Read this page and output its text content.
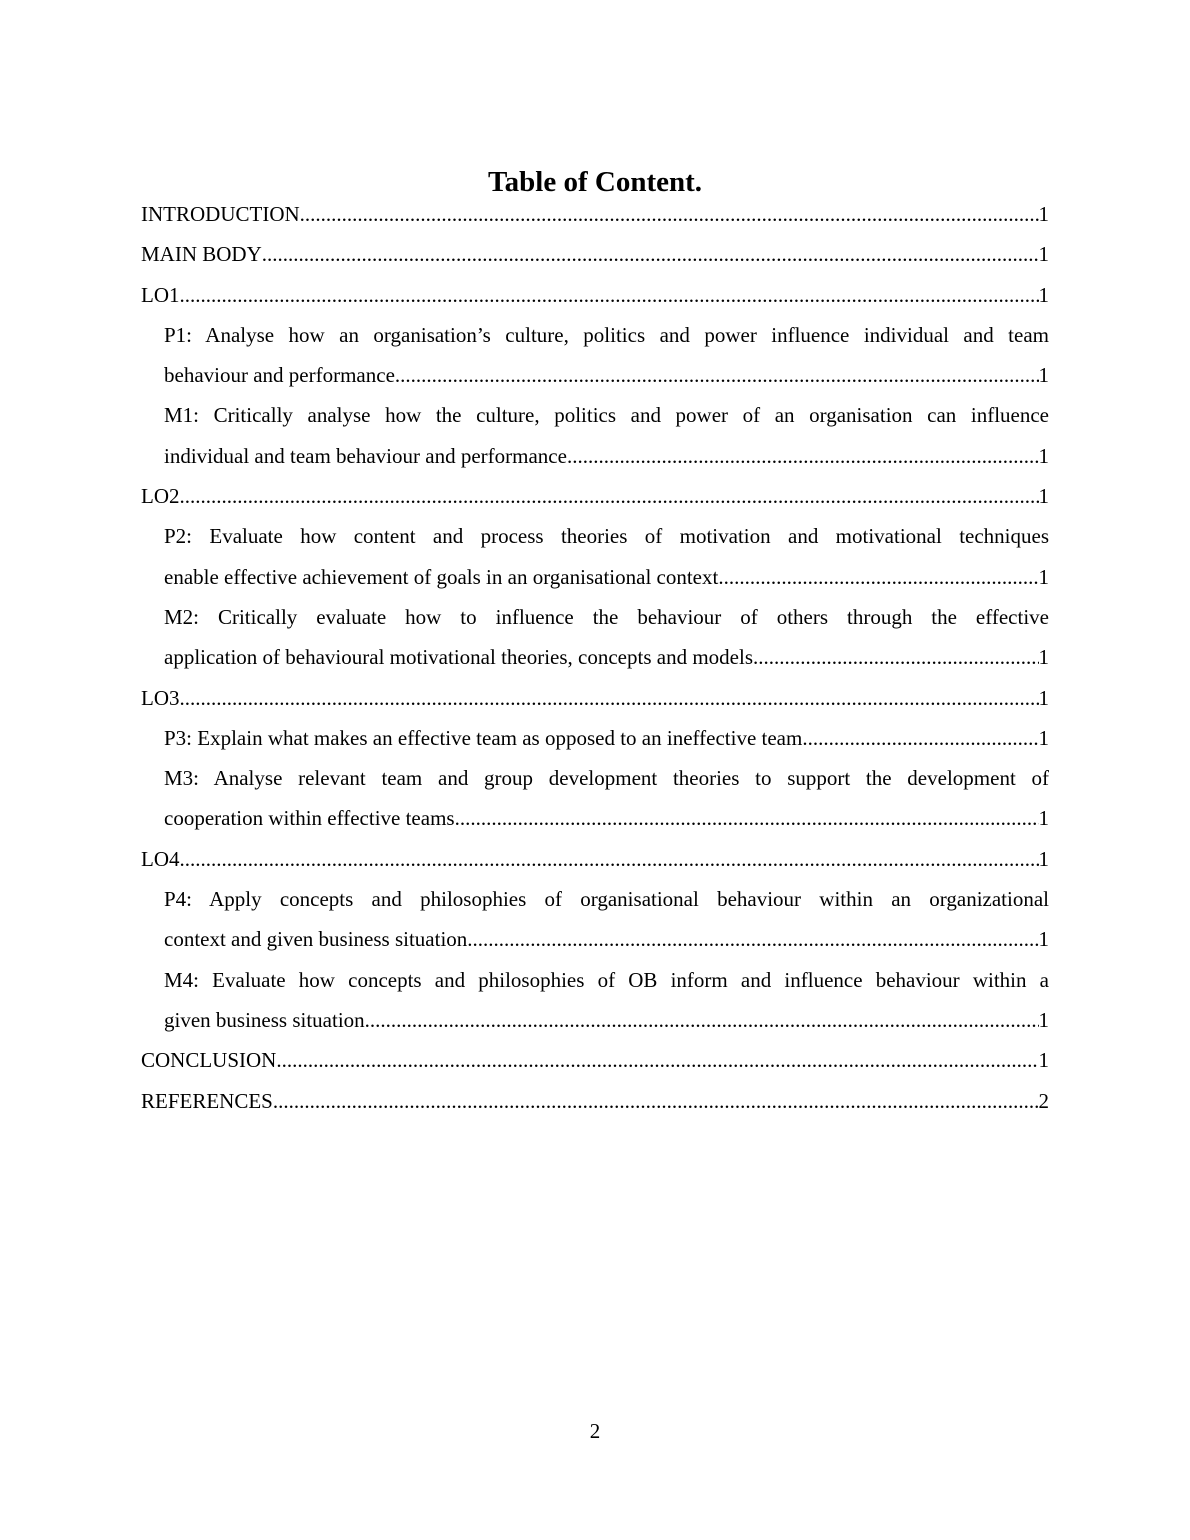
Table of Content.
INTRODUCTION .....	1
MAIN BODY .....	1
LO1 .....	1
P1: Analyse how an organisation’s culture, politics and power influence individual and team
behaviour and performance .....	1
M1: Critically analyse how the culture, politics and power of an organisation can influence
individual and team behaviour and performance .....	1
LO2 .....	1
P2: Evaluate how content and process theories of motivation and motivational techniques
enable effective achievement of goals in an organisational context .....	1
M2: Critically evaluate how to influence the behaviour of others through the effective
application of behavioural motivational theories, concepts and models .....	1
LO3 .....	1
P3: Explain what makes an effective team as opposed to an ineffective team .....	1
M3: Analyse relevant team and group development theories to support the development of
cooperation within effective teams .....	1
LO4 .....	1
P4: Apply concepts and philosophies of organisational behaviour within an organizational
context and given business situation .....	1
M4: Evaluate how concepts and philosophies of OB inform and influence behaviour within a
given business situation .....	1
CONCLUSION .....	1
REFERENCES .....	2
2
